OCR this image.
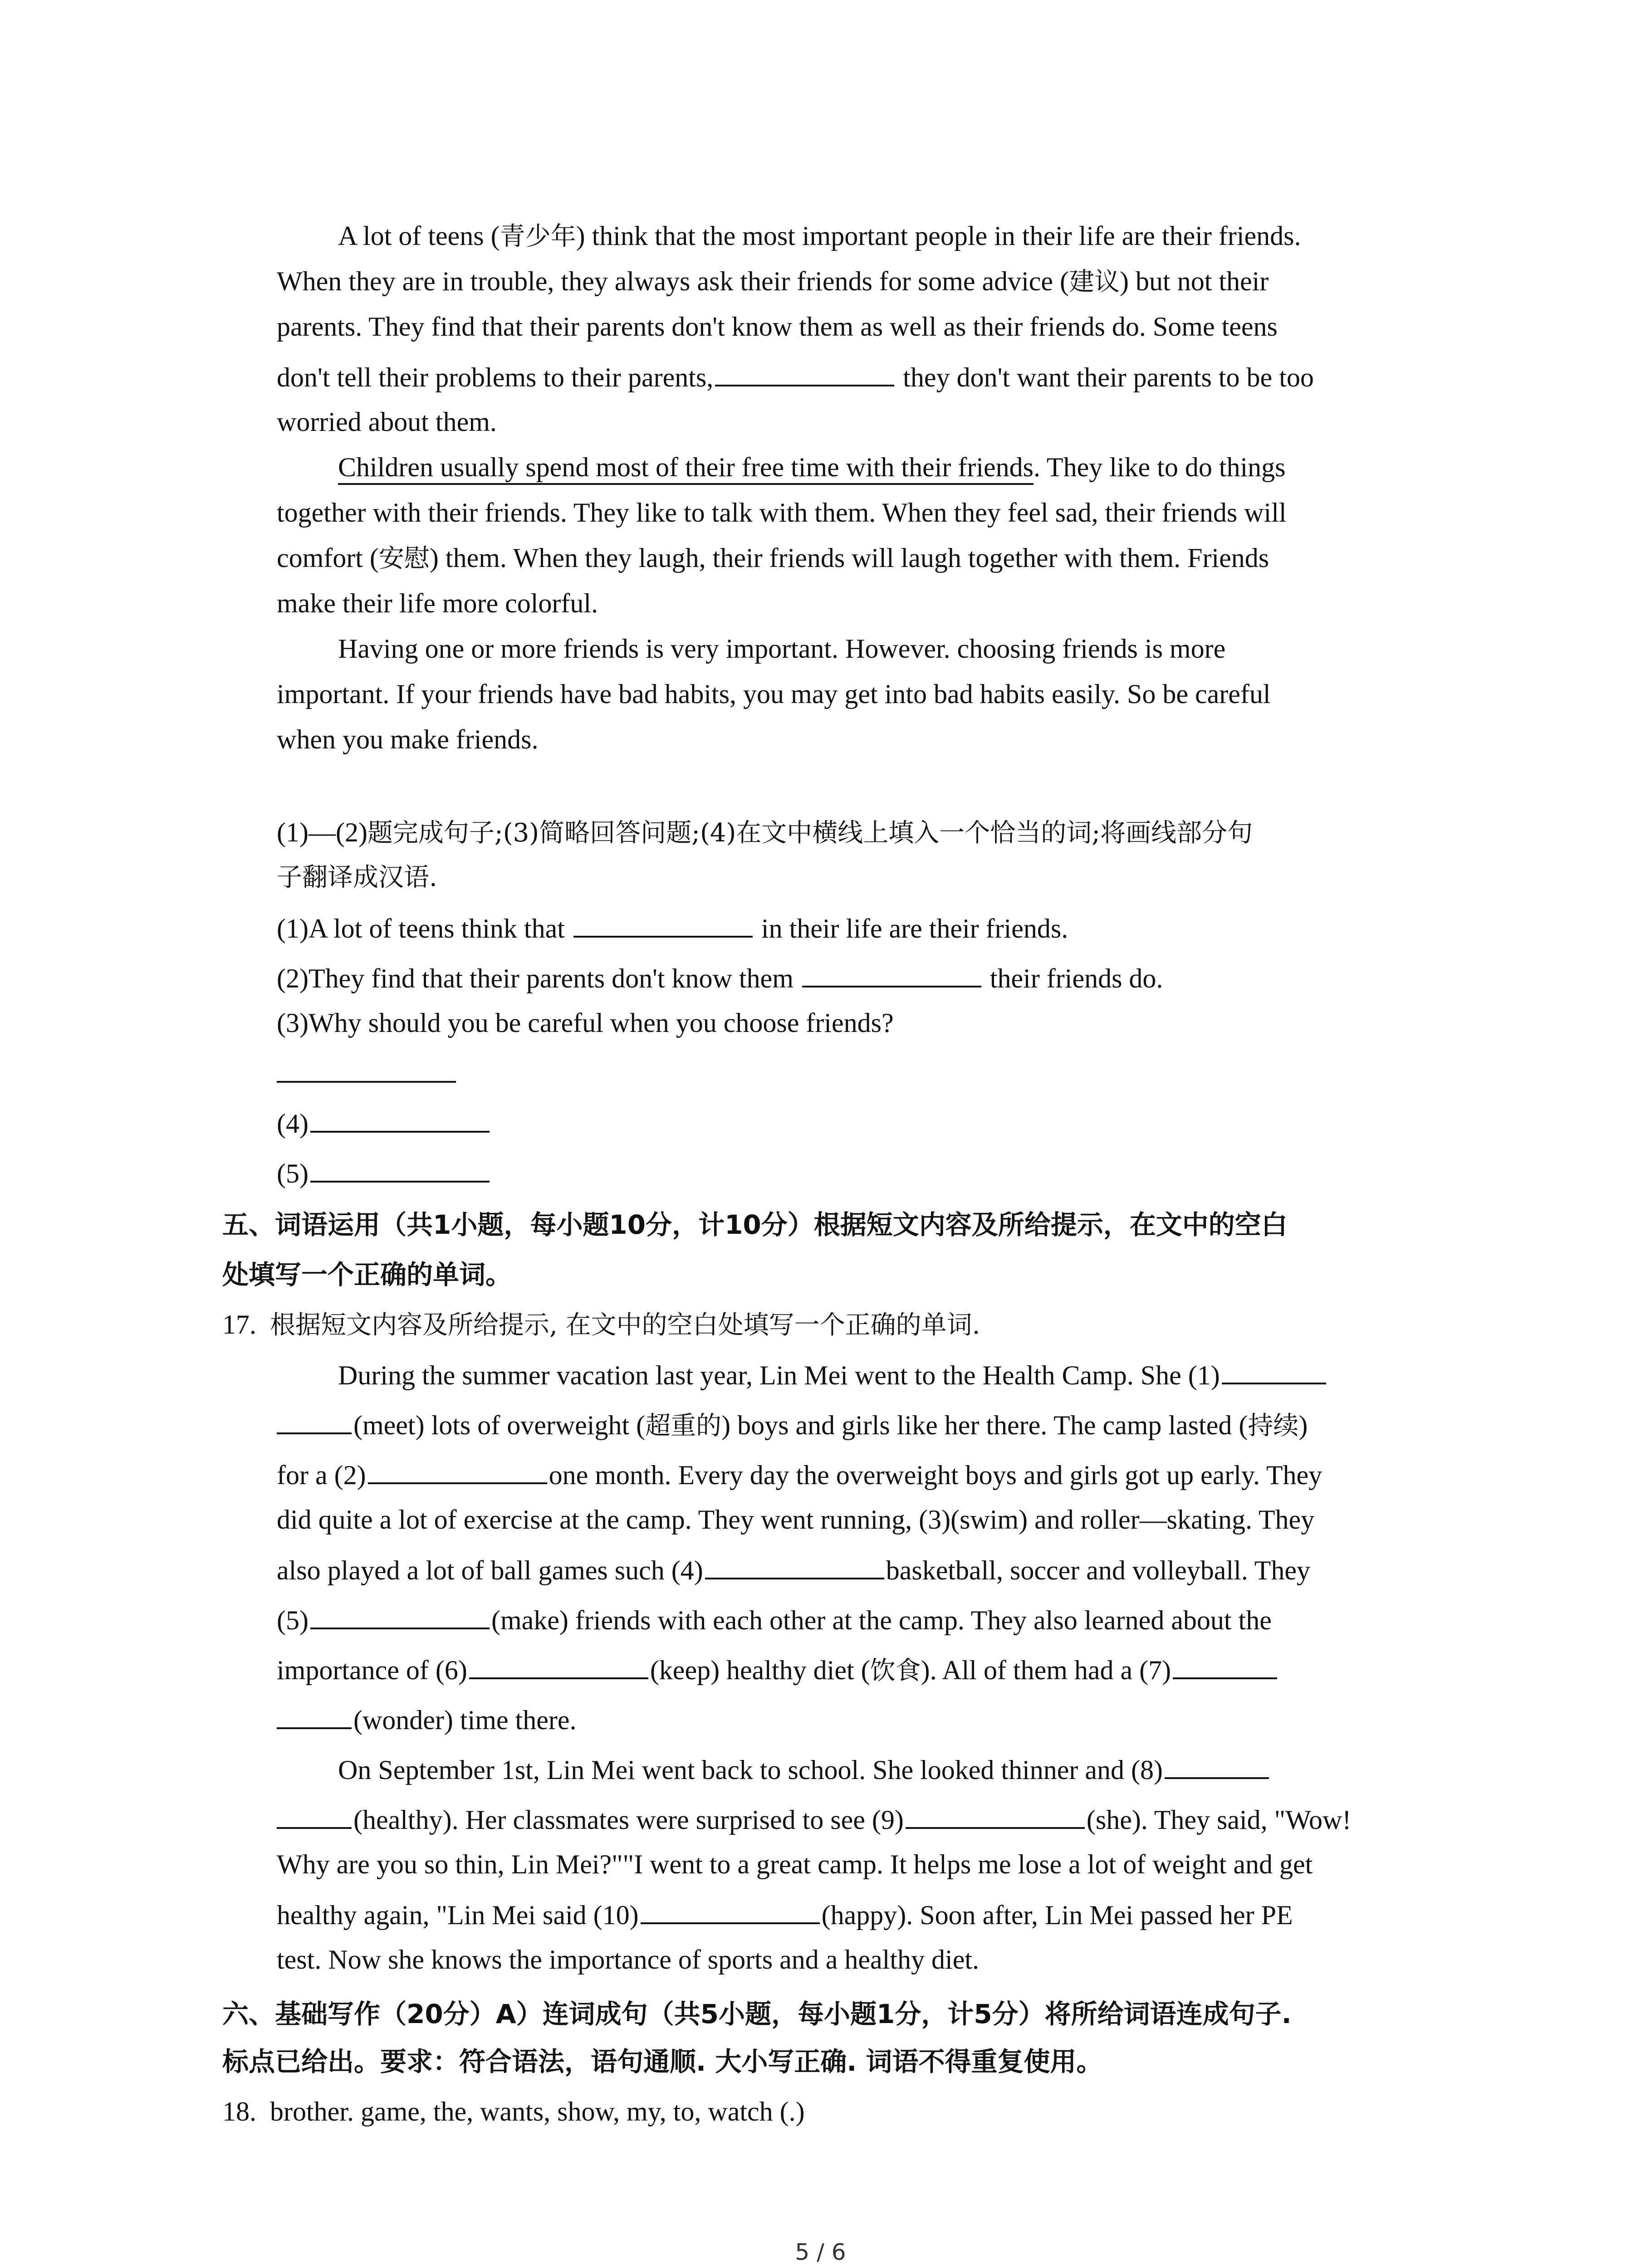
A lot of teens (青少年) think that the most important people in their life are their friends.
When they are in trouble, they always ask their friends for some advice (建议) but not their
parents. They find that their parents don't know them as well as their friends do. Some teens
don't tell their problems to their parents,	they don't want their parents to be too
worried about them.
Children usually spend most of their free time with their friends. They like to do things
together with their friends. They like to talk with them. When they feel sad, their friends will
comfort (安慰) them. When they laugh, their friends will laugh together with them. Friends
make their life more colorful.
Having one or more friends is very important. However. choosing friends is more
important. If your friends have bad habits, you may get into bad habits easily. So be careful
when you make friends.
(1)—(2)题完成句子;(3)简略回答问题;(4)在文中横线上填入一个恰当的词;将画线部分句
子翻译成汉语.
(1)A lot of teens think that	in their life are their friends.
(2)They find that their parents don't know them	their friends do.
(3)Why should you be careful when you choose friends?
(4)
(5)
五、词语运用（共1小题，每小题10分，计10分）根据短文内容及所给提示，在文中的空白
处填写一个正确的单词。
17. 根据短文内容及所给提示, 在文中的空白处填写一个正确的单词.
During the summer vacation last year, Lin Mei went to the Health Camp. She (1)
(meet) lots of overweight (超重的) boys and girls like her there. The camp lasted (持续)
for a (2)	one month. Every day the overweight boys and girls got up early. They
did quite a lot of exercise at the camp. They went running, (3)(swim) and roller—skating. They
also played a lot of ball games such (4)	basketball, soccer and volleyball. They
(5)	(make) friends with each other at the camp. They also learned about the
importance of (6)	(keep) healthy diet (饮食). All of them had a (7)
(wonder) time there.
On September 1st, Lin Mei went back to school. She looked thinner and (8)
(healthy). Her classmates were surprised to see (9)	(she). They said, "Wow!
Why are you so thin, Lin Mei?""I went to a great camp. It helps me lose a lot of weight and get
healthy again, "Lin Mei said (10)	(happy). Soon after, Lin Mei passed her PE
test. Now she knows the importance of sports and a healthy diet.
六、基础写作（20分）A）连词成句（共5小题，每小题1分，计5分）将所给词语连成句子.
标点已给出。要求：符合语法，语句通顺. 大小写正确. 词语不得重复使用。
18. brother. game, the, wants, show, my, to, watch (.)
5 / 6
